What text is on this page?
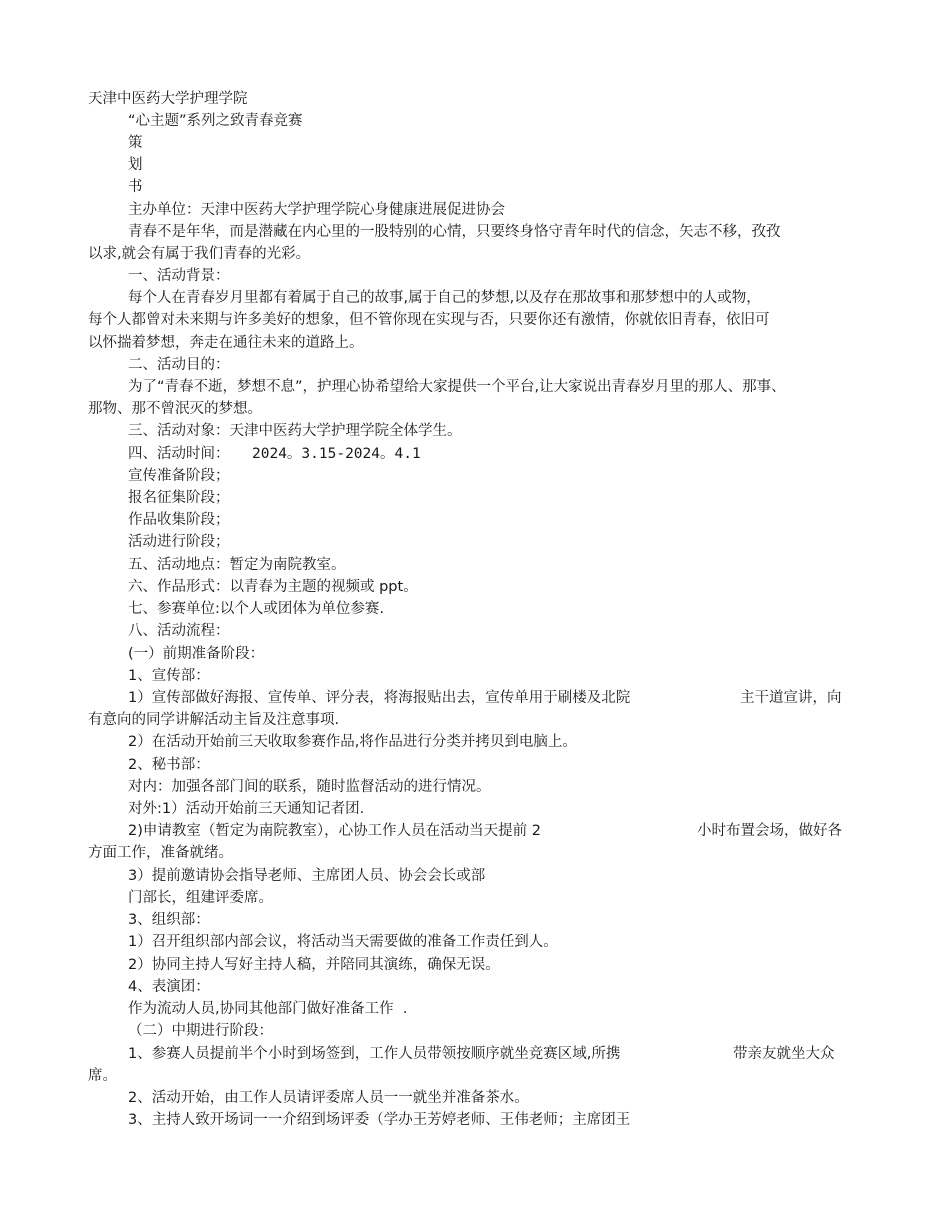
天津中医药大学护理学院
“心主题”系列之致青春竞赛
策
划
书
主办单位：天津中医药大学护理学院心身健康进展促进协会
青春不是年华，而是潜藏在内心里的一股特别的心情，只要终身恪守青年时代的信念，矢志不移，孜孜
以求,就会有属于我们青春的光彩。
一、活动背景：
每个人在青春岁月里都有着属于自己的故事,属于自己的梦想,以及存在那故事和那梦想中的人或物，
每个人都曾对未来期与许多美好的想象，但不管你现在实现与否，只要你还有激情，你就依旧青春，依旧可
以怀揣着梦想，奔走在通往未来的道路上。
二、活动目的：
为了“青春不逝，梦想不息”，护理心协希望给大家提供一个平台,让大家说出青春岁月里的那人、那事、
那物、那不曾泯灭的梦想。
三、活动对象：天津中医药大学护理学院全体学生。
四、活动时间： 2024。3.15-2024。4.1
宣传准备阶段；
报名征集阶段；
作品收集阶段；
活动进行阶段；
五、活动地点：暂定为南院教室。
六、作品形式：以青春为主题的视频或 ppt。
七、参赛单位:以个人或团体为单位参赛.
八、活动流程：
(一）前期准备阶段：
1、宣传部：
1）宣传部做好海报、宣传单、评分表，将海报贴出去，宣传单用于刷楼及北院	主干道宣讲，向
有意向的同学讲解活动主旨及注意事项.
2）在活动开始前三天收取参赛作品,将作品进行分类并拷贝到电脑上。
2、秘书部：
对内：加强各部门间的联系，随时监督活动的进行情况。
对外:1）活动开始前三天通知记者团.
2)申请教室（暂定为南院教室），心协工作人员在活动当天提前 2	小时布置会场，做好各
方面工作，准备就绪。
3）提前邀请协会指导老师、主席团人员、协会会长或部
门部长，组建评委席。
3、组织部：
1）召开组织部内部会议，将活动当天需要做的准备工作责任到人。
2）协同主持人写好主持人稿，并陪同其演练，确保无误。
4、表演团：
作为流动人员,协同其他部门做好准备工作  .
（二）中期进行阶段：
1、参赛人员提前半个小时到场签到，工作人员带领按顺序就坐竞赛区域,所携	带亲友就坐大众
席。
2、活动开始，由工作人员请评委席人员一一就坐并准备茶水。
3、主持人致开场词一一介绍到场评委（学办王芳婷老师、王伟老师；主席团王
